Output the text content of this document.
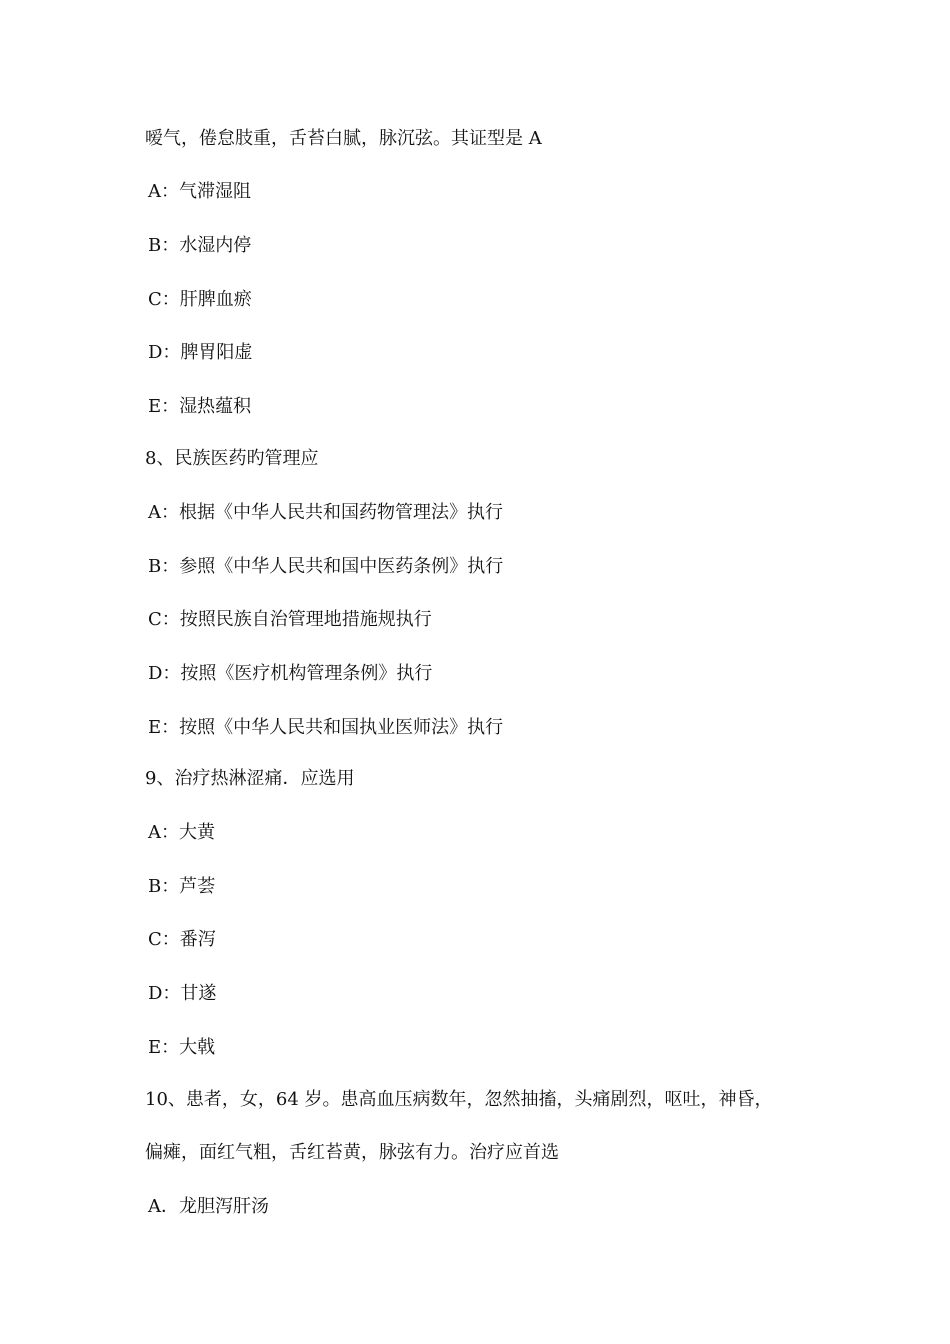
嗳气，倦怠肢重，舌苔白腻，脉沉弦。其证型是 A
A：气滞湿阻
B：水湿内停
C：肝脾血瘀
D：脾胃阳虚
E：湿热蕴积
8、民族医药旳管理应
A：根据《中华人民共和国药物管理法》执行
B：参照《中华人民共和国中医药条例》执行
C：按照民族自治管理地措施规执行
D：按照《医疗机构管理条例》执行
E：按照《中华人民共和国执业医师法》执行
9、治疗热淋涩痛．应选用
A：大黄
B：芦荟
C：番泻
D：甘遂
E：大戟
10、患者，女，64 岁。患高血压病数年，忽然抽搐，头痛剧烈，呕吐，神昏，
偏瘫，面红气粗，舌红苔黄，脉弦有力。治疗应首选
A．龙胆泻肝汤
